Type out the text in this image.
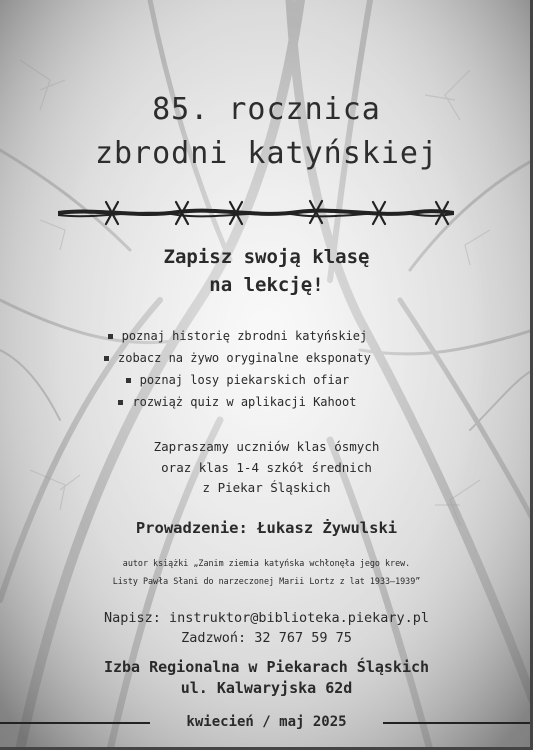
85. rocznica
zbrodni katyńskiej
Zapisz swoją klasę
na lekcję!
poznaj historię zbrodni katyńskiej
zobacz na żywo oryginalne eksponaty
poznaj losy piekarskich ofiar
rozwiąż quiz w aplikacji Kahoot
Zapraszamy uczniów klas ósmych
oraz klas 1-4 szkół średnich
z Piekar Śląskich
Prowadzenie: Łukasz Żywulski
autor książki „Zanim ziemia katyńska wchłonęła jego krew.
Listy Pawła Słani do narzeczonej Marii Lortz z lat 1933–1939”
Napisz: instruktor@biblioteka.piekary.pl
Zadzwoń: 32 767 59 75
Izba Regionalna w Piekarach Śląskich
ul. Kalwaryjska 62d
kwiecień / maj 2025
